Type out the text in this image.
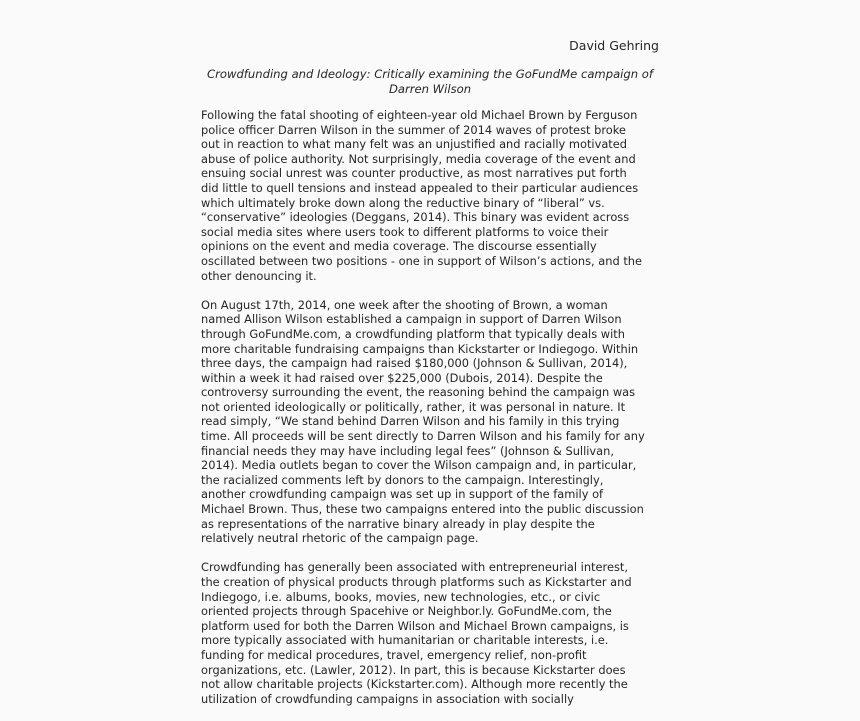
David Gehring
Crowdfunding and Ideology: Critically examining the GoFundMe campaign of
Darren Wilson
Following the fatal shooting of eighteen-year old Michael Brown by Ferguson
police officer Darren Wilson in the summer of 2014 waves of protest broke
out in reaction to what many felt was an unjustified and racially motivated
abuse of police authority. Not surprisingly, media coverage of the event and
ensuing social unrest was counter productive, as most narratives put forth
did little to quell tensions and instead appealed to their particular audiences
which ultimately broke down along the reductive binary of “liberal” vs.
“conservative” ideologies (Deggans, 2014). This binary was evident across
social media sites where users took to different platforms to voice their
opinions on the event and media coverage. The discourse essentially
oscillated between two positions - one in support of Wilson’s actions, and the
other denouncing it.
On August 17th, 2014, one week after the shooting of Brown, a woman
named Allison Wilson established a campaign in support of Darren Wilson
through GoFundMe.com, a crowdfunding platform that typically deals with
more charitable fundraising campaigns than Kickstarter or Indiegogo. Within
three days, the campaign had raised $180,000 (Johnson & Sullivan, 2014),
within a week it had raised over $225,000 (Dubois, 2014). Despite the
controversy surrounding the event, the reasoning behind the campaign was
not oriented ideologically or politically, rather, it was personal in nature. It
read simply, “We stand behind Darren Wilson and his family in this trying
time. All proceeds will be sent directly to Darren Wilson and his family for any
financial needs they may have including legal fees” (Johnson & Sullivan,
2014). Media outlets began to cover the Wilson campaign and, in particular,
the racialized comments left by donors to the campaign. Interestingly,
another crowdfunding campaign was set up in support of the family of
Michael Brown. Thus, these two campaigns entered into the public discussion
as representations of the narrative binary already in play despite the
relatively neutral rhetoric of the campaign page.
Crowdfunding has generally been associated with entrepreneurial interest,
the creation of physical products through platforms such as Kickstarter and
Indiegogo, i.e. albums, books, movies, new technologies, etc., or civic
oriented projects through Spacehive or Neighbor.ly. GoFundMe.com, the
platform used for both the Darren Wilson and Michael Brown campaigns, is
more typically associated with humanitarian or charitable interests, i.e.
funding for medical procedures, travel, emergency relief, non-profit
organizations, etc. (Lawler, 2012). In part, this is because Kickstarter does
not allow charitable projects (Kickstarter.com). Although more recently the
utilization of crowdfunding campaigns in association with socially
